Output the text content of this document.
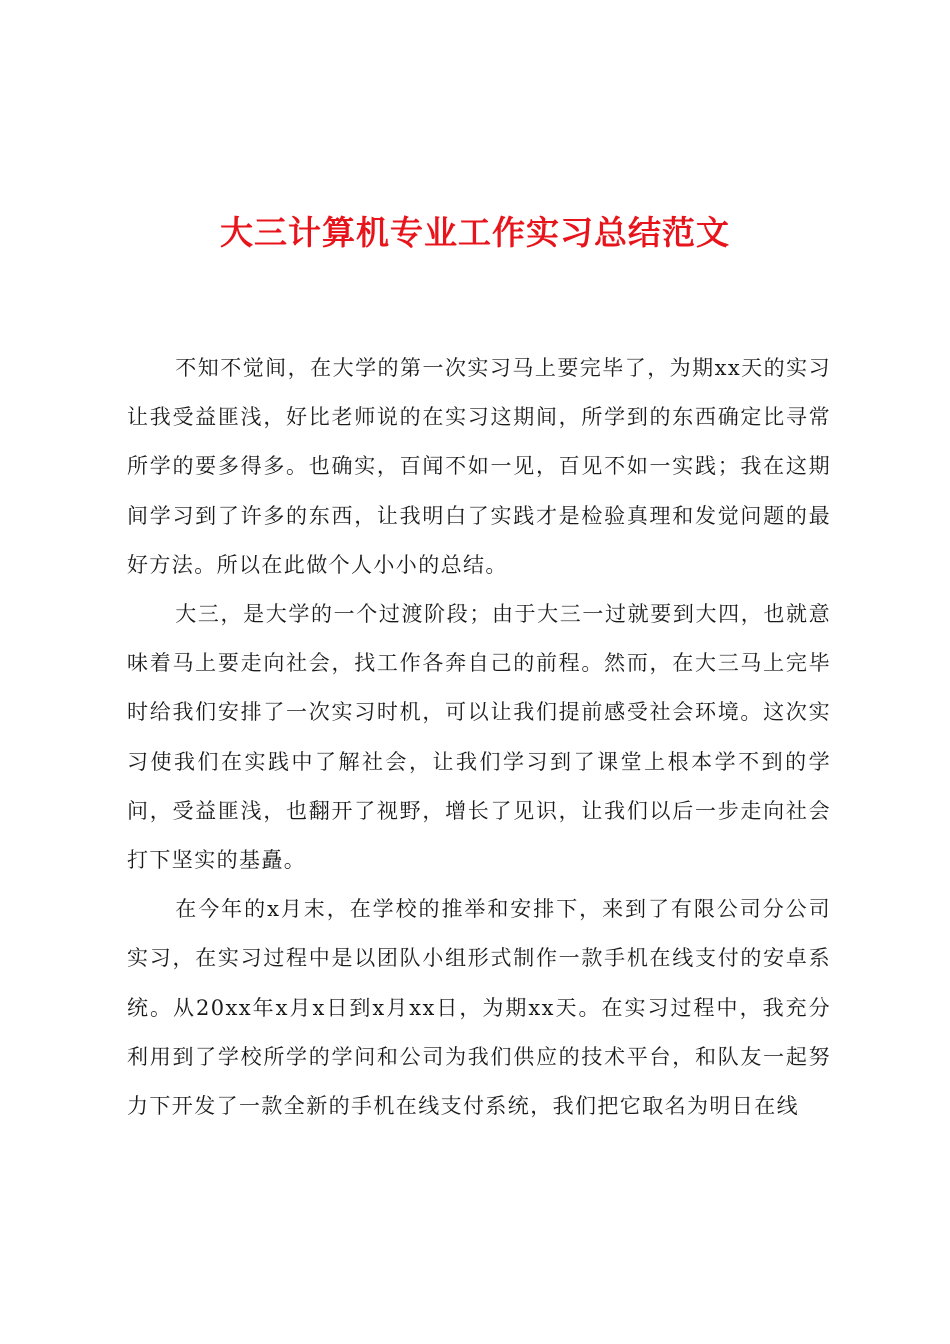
大三计算机专业工作实习总结范文

不知不觉间，在大学的第一次实习马上要完毕了，为期xx天的实习让我受益匪浅，好比老师说的在实习这期间，所学到的东西确定比寻常所学的要多得多。也确实，百闻不如一见，百见不如一实践；我在这期间学习到了许多的东西，让我明白了实践才是检验真理和发觉问题的最好方法。所以在此做个人小小的总结。

大三，是大学的一个过渡阶段；由于大三一过就要到大四，也就意味着马上要走向社会，找工作各奔自己的前程。然而，在大三马上完毕时给我们安排了一次实习时机，可以让我们提前感受社会环境。这次实习使我们在实践中了解社会，让我们学习到了课堂上根本学不到的学问，受益匪浅，也翻开了视野，增长了见识，让我们以后一步走向社会打下坚实的基矗。

在今年的x月末，在学校的推举和安排下，来到了有限公司分公司实习，在实习过程中是以团队小组形式制作一款手机在线支付的安卓系统。从20xx年x月x日到x月xx日，为期xx天。在实习过程中，我充分利用到了学校所学的学问和公司为我们供应的技术平台，和队友一起努力下开发了一款全新的手机在线支付系统，我们把它取名为明日在线
